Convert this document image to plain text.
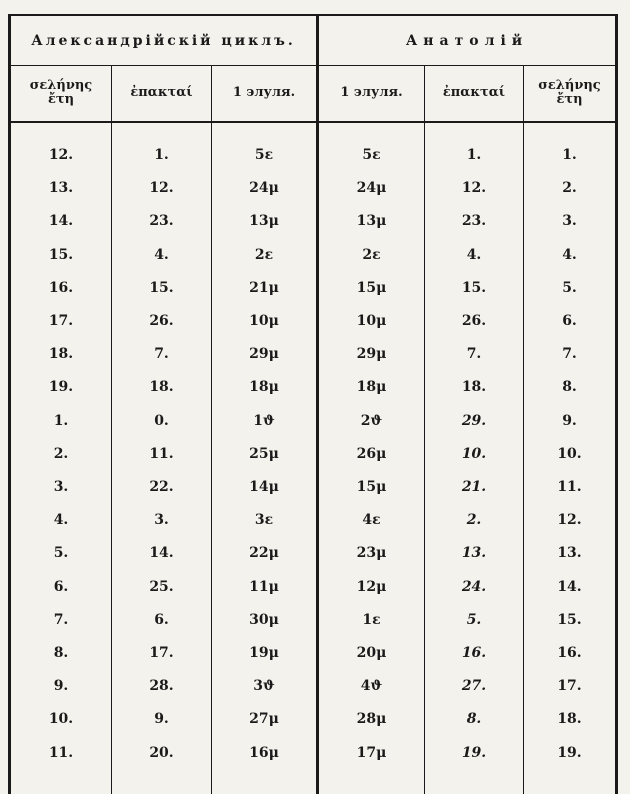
Александрійскій циклъ.	Анатолій
σελήνης
ἔτη	ἐπακταί	1 элуля.	1 элуля.	ἐπακταί	σελήνης
ἔτη
12.	1.	5ε	5ε	1.	1.
13.	12.	24μ	24μ	12.	2.
14.	23.	13μ	13μ	23.	3.
15.	4.	2ε	2ε	4.	4.
16.	15.	21μ	15μ	15.	5.
17.	26.	10μ	10μ	26.	6.
18.	7.	29μ	29μ	7.	7.
19.	18.	18μ	18μ	18.	8.
1.	0.	1ϑ	2ϑ	29.	9.
2.	11.	25μ	26μ	10.	10.
3.	22.	14μ	15μ	21.	11.
4.	3.	3ε	4ε	2.	12.
5.	14.	22μ	23μ	13.	13.
6.	25.	11μ	12μ	24.	14.
7.	6.	30μ	1ε	5.	15.
8.	17.	19μ	20μ	16.	16.
9.	28.	3ϑ	4ϑ	27.	17.
10.	9.	27μ	28μ	8.	18.
11.	20.	16μ	17μ	19.	19.
